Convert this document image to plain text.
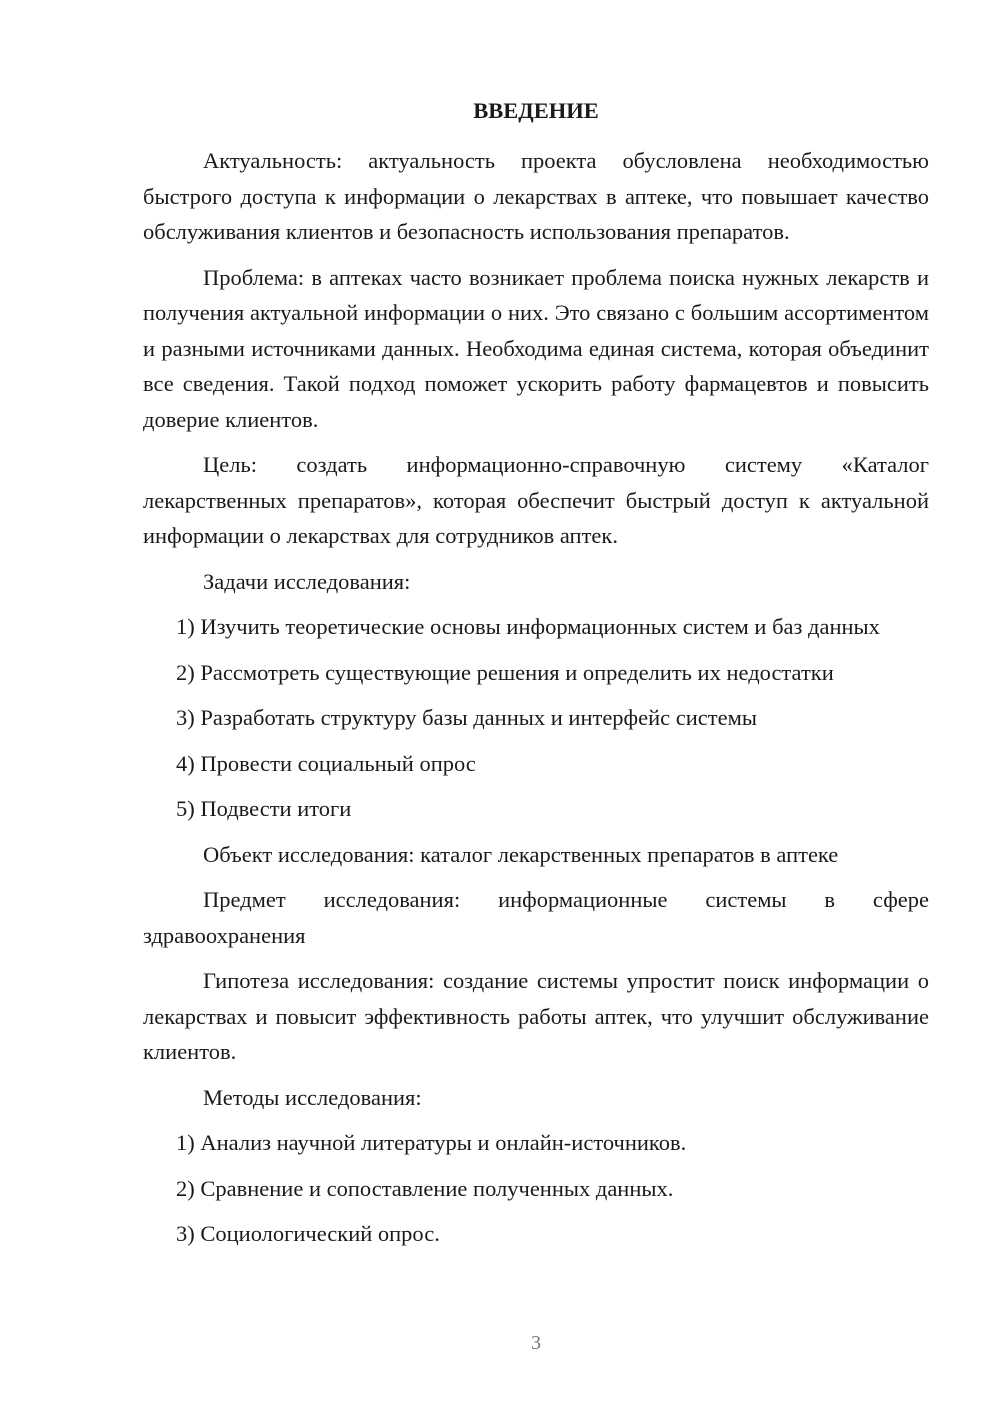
ВВЕДЕНИЕ
Актуальность: актуальность проекта обусловлена необходимостью быстрого доступа к информации о лекарствах в аптеке, что повышает качество обслуживания клиентов и безопасность использования препаратов.
Проблема: в аптеках часто возникает проблема поиска нужных лекарств и получения актуальной информации о них. Это связано с большим ассортиментом и разными источниками данных. Необходима единая система, которая объединит все сведения. Такой подход поможет ускорить работу фармацевтов и повысить доверие клиентов.
Цель: создать информационно-справочную систему «Каталог лекарственных препаратов», которая обеспечит быстрый доступ к актуальной информации о лекарствах для сотрудников аптек.
Задачи исследования:
1) Изучить теоретические основы информационных систем и баз данных
2) Рассмотреть существующие решения и определить их недостатки
3) Разработать структуру базы данных и интерфейс системы
4) Провести социальный опрос
5) Подвести итоги
Объект исследования: каталог лекарственных препаратов в аптеке
Предмет исследования: информационные системы в сфере здравоохранения
Гипотеза исследования: создание системы упростит поиск информации о лекарствах и повысит эффективность работы аптек, что улучшит обслуживание клиентов.
Методы исследования:
1) Анализ научной литературы и онлайн-источников.
2) Сравнение и сопоставление полученных данных.
3) Социологический опрос.
3
